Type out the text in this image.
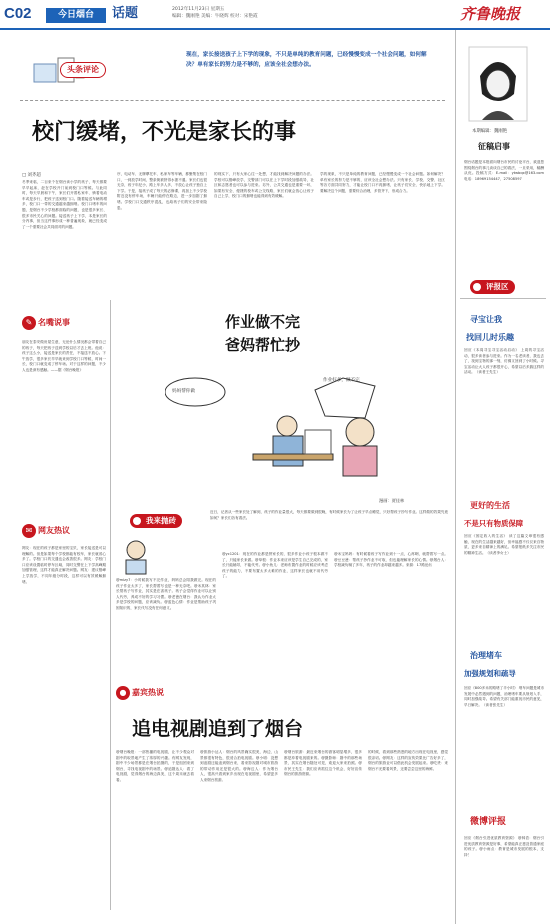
C02	今日烟台	话题	2012年11月23日 星期五
编辑：魏刚艳 美编：牛晓辉 校对：宋艳霞	齐鲁晚报
头条评论
现在，家长接送孩子上下学的现象，不只是单纯的教育问题，已经慢慢变成一个社会问题，如何解决？单有家长的努力是不够的，应该全社会想办法。
校门缓堵，不光是家长的事
□ 刘齐超
冬季来临，二百来个在烟台读小学的孩子，每天都要早早起床，赶在学校开门前到校门口等候。与此同时，每天早晨和下午，家长们开着私家车、骑着电动车或是步行，把孩子送到校门口。随着接送车辆的增多，校门口一带的交通越来越拥堵。校门口堵车的问题，是烟台不少学校都面临的问题，也是很多家长、很多市民关心的问题。接送孩子上下学，本是家长的分内事，但当这件事形成一种普遍现象，就已经变成了一个需要社会共同面对的问题。
序，电动车、无牌摩托车、私家车等车辆，都聚集在校门口，一到放学时间，整条街被挤得水泄不通。家长们也很无奈，孩子年纪小，路上车多人多，不放心让孩子独自上下学。于是，接孩子成了每天的必修课，再加上不少学校附近没有停车场，车辆只能停在路边，进一步加剧了拥堵。学校门口交通秩序混乱，也给孩子们的安全带来隐患。
的现实下，只有大家心往一处想，才能找到解决问题的办法。学校可以错峰放学，交警部门可以在上下学时段加强疏导，社区和志愿者也可以参与进来。另外，公共交通也是重要一环，如果有安全、便捷的校车或公交线路，家长们就会放心让孩子自己上学，校门口的拥堵也能得到有效缓解。
学的现象，不只是单纯的教育问题，已经慢慢变成一个社会问题。如何解决？单有家长的努力是不够的，应该全社会想办法。只有家长、学校、交警、社区等各方面共同努力，才能让校门口不再拥堵，让孩子们安全、快乐地上下学。要解决这个问题，需要综合治理，多管齐下，形成合力。
✎ 名嘴说事
朋友在泰安做房屋生意，无论什么情况都会带着自己的孩子，每天把孩子送到学校以后才去上班。他说：孩子这么小，接送是家长的责任，不接送不放心。下午放学，很多家长早早就来到学校门口等候，时间一长，校门口就变成了停车场。对于这样的问题，不少人也是深有感触。——据《烟台晚报》
✉ 网友热议
网友：现在的孩子都是家里的宝贝，家长接送是可以理解的。但是如果每个学校都能有校车，家长就省心多了。学校门口的交通也会改善很多。网友：学校门口应该设置临时停车区域，同时交警在上下学高峰期加强管理，这样才能真正解决问题。网友：建议错峰上学放学，不同年级分时段，这样可以有效缓解拥堵。
作业做不完
爸妈帮忙抄
妈妈帮你做
作业好多，做不完
漫画：贾佳林
近日，记者从一些家长处了解到，孩子的作业量很大，每天都要做到很晚，有时候家长为了让孩子早点睡觉，只好帮孩子抄写作业。这样做的效果究竟如何？家长们各有看法。
我来抛砖
@mizy7：小时候我写不完作业，妈妈总会陪我做完。现在的孩子作业太多了，家长帮着写也是一种无奈吧。@米其林：家长帮孩子写作业，其实是在害孩子。孩子会觉得作业可以让别人代劳，养成不好的学习习惯。@老爸在烟台：我认为作业太多是学校的问题，应该减负。@蓝色心情：作业是帮助孩子巩固知识的，家长代写没有任何意义。
@yc1201：现在的作业都是拼家长的，很多作业小孩子根本做不了，只能家长来做。@草根：作业本来应该是学生自己完成的，家长只能辅导，不能代劳。@小鱼儿：老师布置作业的时候应该考虑孩子的能力，不要布置太多太难的作业，这样家长也就不用代劳了。
@米宝妈妈：有时候看孩子写作业到十一点，心疼啊，就帮着写一点。@豆豆爸：帮孩子抄作业不可取，但也能理解家长的心情。@烟台人：学校减负喊了多年，孩子的作业却越来越多。来源：17路论坛
● 嘉宾热说
追电视剧追到了烟台
@烟台晚报：一部热播的电视剧，让不少观众对剧中的取景地产生了浓厚的兴趣。有网友发现，剧中不少场景都是在烟台拍摄的，于是组团来到烟台，寻找电视剧中的场景。@追剧达人：看了电视剧，觉得烟台的海边真美，这个周末就去看看。
@旅游小达人：烟台的风景确实很美，海边、山景都很有特色，很适合拍电视剧。@小明：没想到追剧还能追到烟台来，看来影视剧对城市旅游的带动作用还是很大的。@海边人：作为烟台人，很高兴看到家乡出现在电视剧里，希望更多人来烟台旅游。
@烟台旅游：最近来烟台的游客明显增多，很多都是冲着电视剧来的。@摄影师：剧中的那些场景，其实在烟台随处可见，欢迎大家来拍照。@市民王先生：我们应该抓住这个机会，好好宣传烟台的旅游资源。
的时候，看到那些熟悉的地方出现在电视里，感觉很亲切。@网友：这样的宣传效果比广告好多了，烟台的旅游业可以借此机会发展起来。@吃货：来烟台不光要看风景，还要尝尝这里的海鲜。
本期编辑：魏刚艳
征稿启事
烟台话题是本报面向烟台市民的讨论平台，欢迎您围绕烟台的事儿谈谈自己的看法，一旦采用，稿酬从优。投稿方式：E-mail：ytwbqx@163.com 电话：18969154447、27508597
评报区
寻宝让我
找回儿时乐趣
回应《本周寻宝寻宝活动启动》 上周的寻宝活动，很多读者参与进来。作为一名老读者，我也去了，找到宝物的那一刻，仿佛又回到了小时候。寻宝活动让大人孩子都很开心，希望以后多搞这样的活动。（读者王先生）
更好的生活
不是只有物质保障
回应《固定收入的生活》 读了这篇文章很有感触，现在的生活越来越好，但幸福感不仅仅来自物质，更多来自精神上的满足。希望报纸多关注市民的精神生活。（读者李女士）
治理堵车
加强规划和疏导
回应《800多米的路堵了半小时》 堵车问题是城市发展中必然遇到的问题，治理堵车要从规划入手，同时加强疏导。希望有关部门能重视市民的意见，早日解决。（读者张先生）
微博评报
回应《烟台引进优质教育资源》 @林语：烟台引进优质教育资源是好事，希望能真正惠及普通家庭的孩子。@小雨点：教育是城市发展的根本，支持！
